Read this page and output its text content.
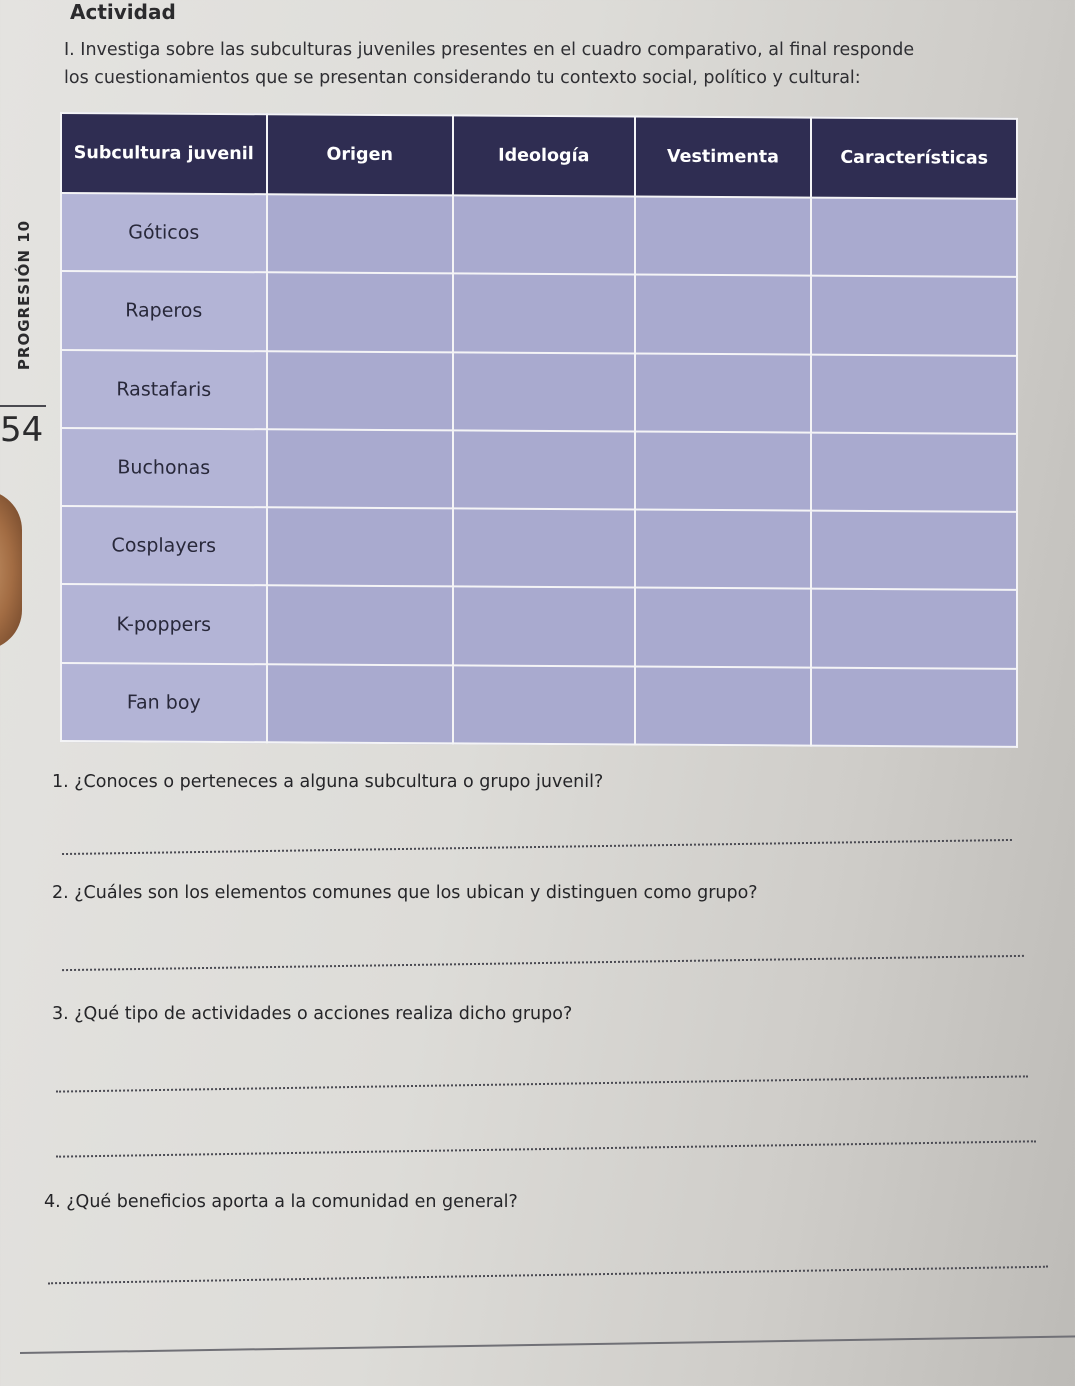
Actividad
I. Investiga sobre las subculturas juveniles presentes en el cuadro comparativo, al final responde los cuestionamientos que se presentan considerando tu contexto social, político y cultural:
PROGRESIÓN 10
54
Subcultura juvenil	Origen	Ideología	Vestimenta	Características
Góticos				
Raperos				
Rastafaris				
Buchonas				
Cosplayers				
K-poppers				
Fan boy				
1. ¿Conoces o perteneces a alguna subcultura o grupo juvenil?
2. ¿Cuáles son los elementos comunes que los ubican y distinguen como grupo?
3. ¿Qué tipo de actividades o acciones realiza dicho grupo?
4. ¿Qué beneficios aporta a la comunidad en general?
